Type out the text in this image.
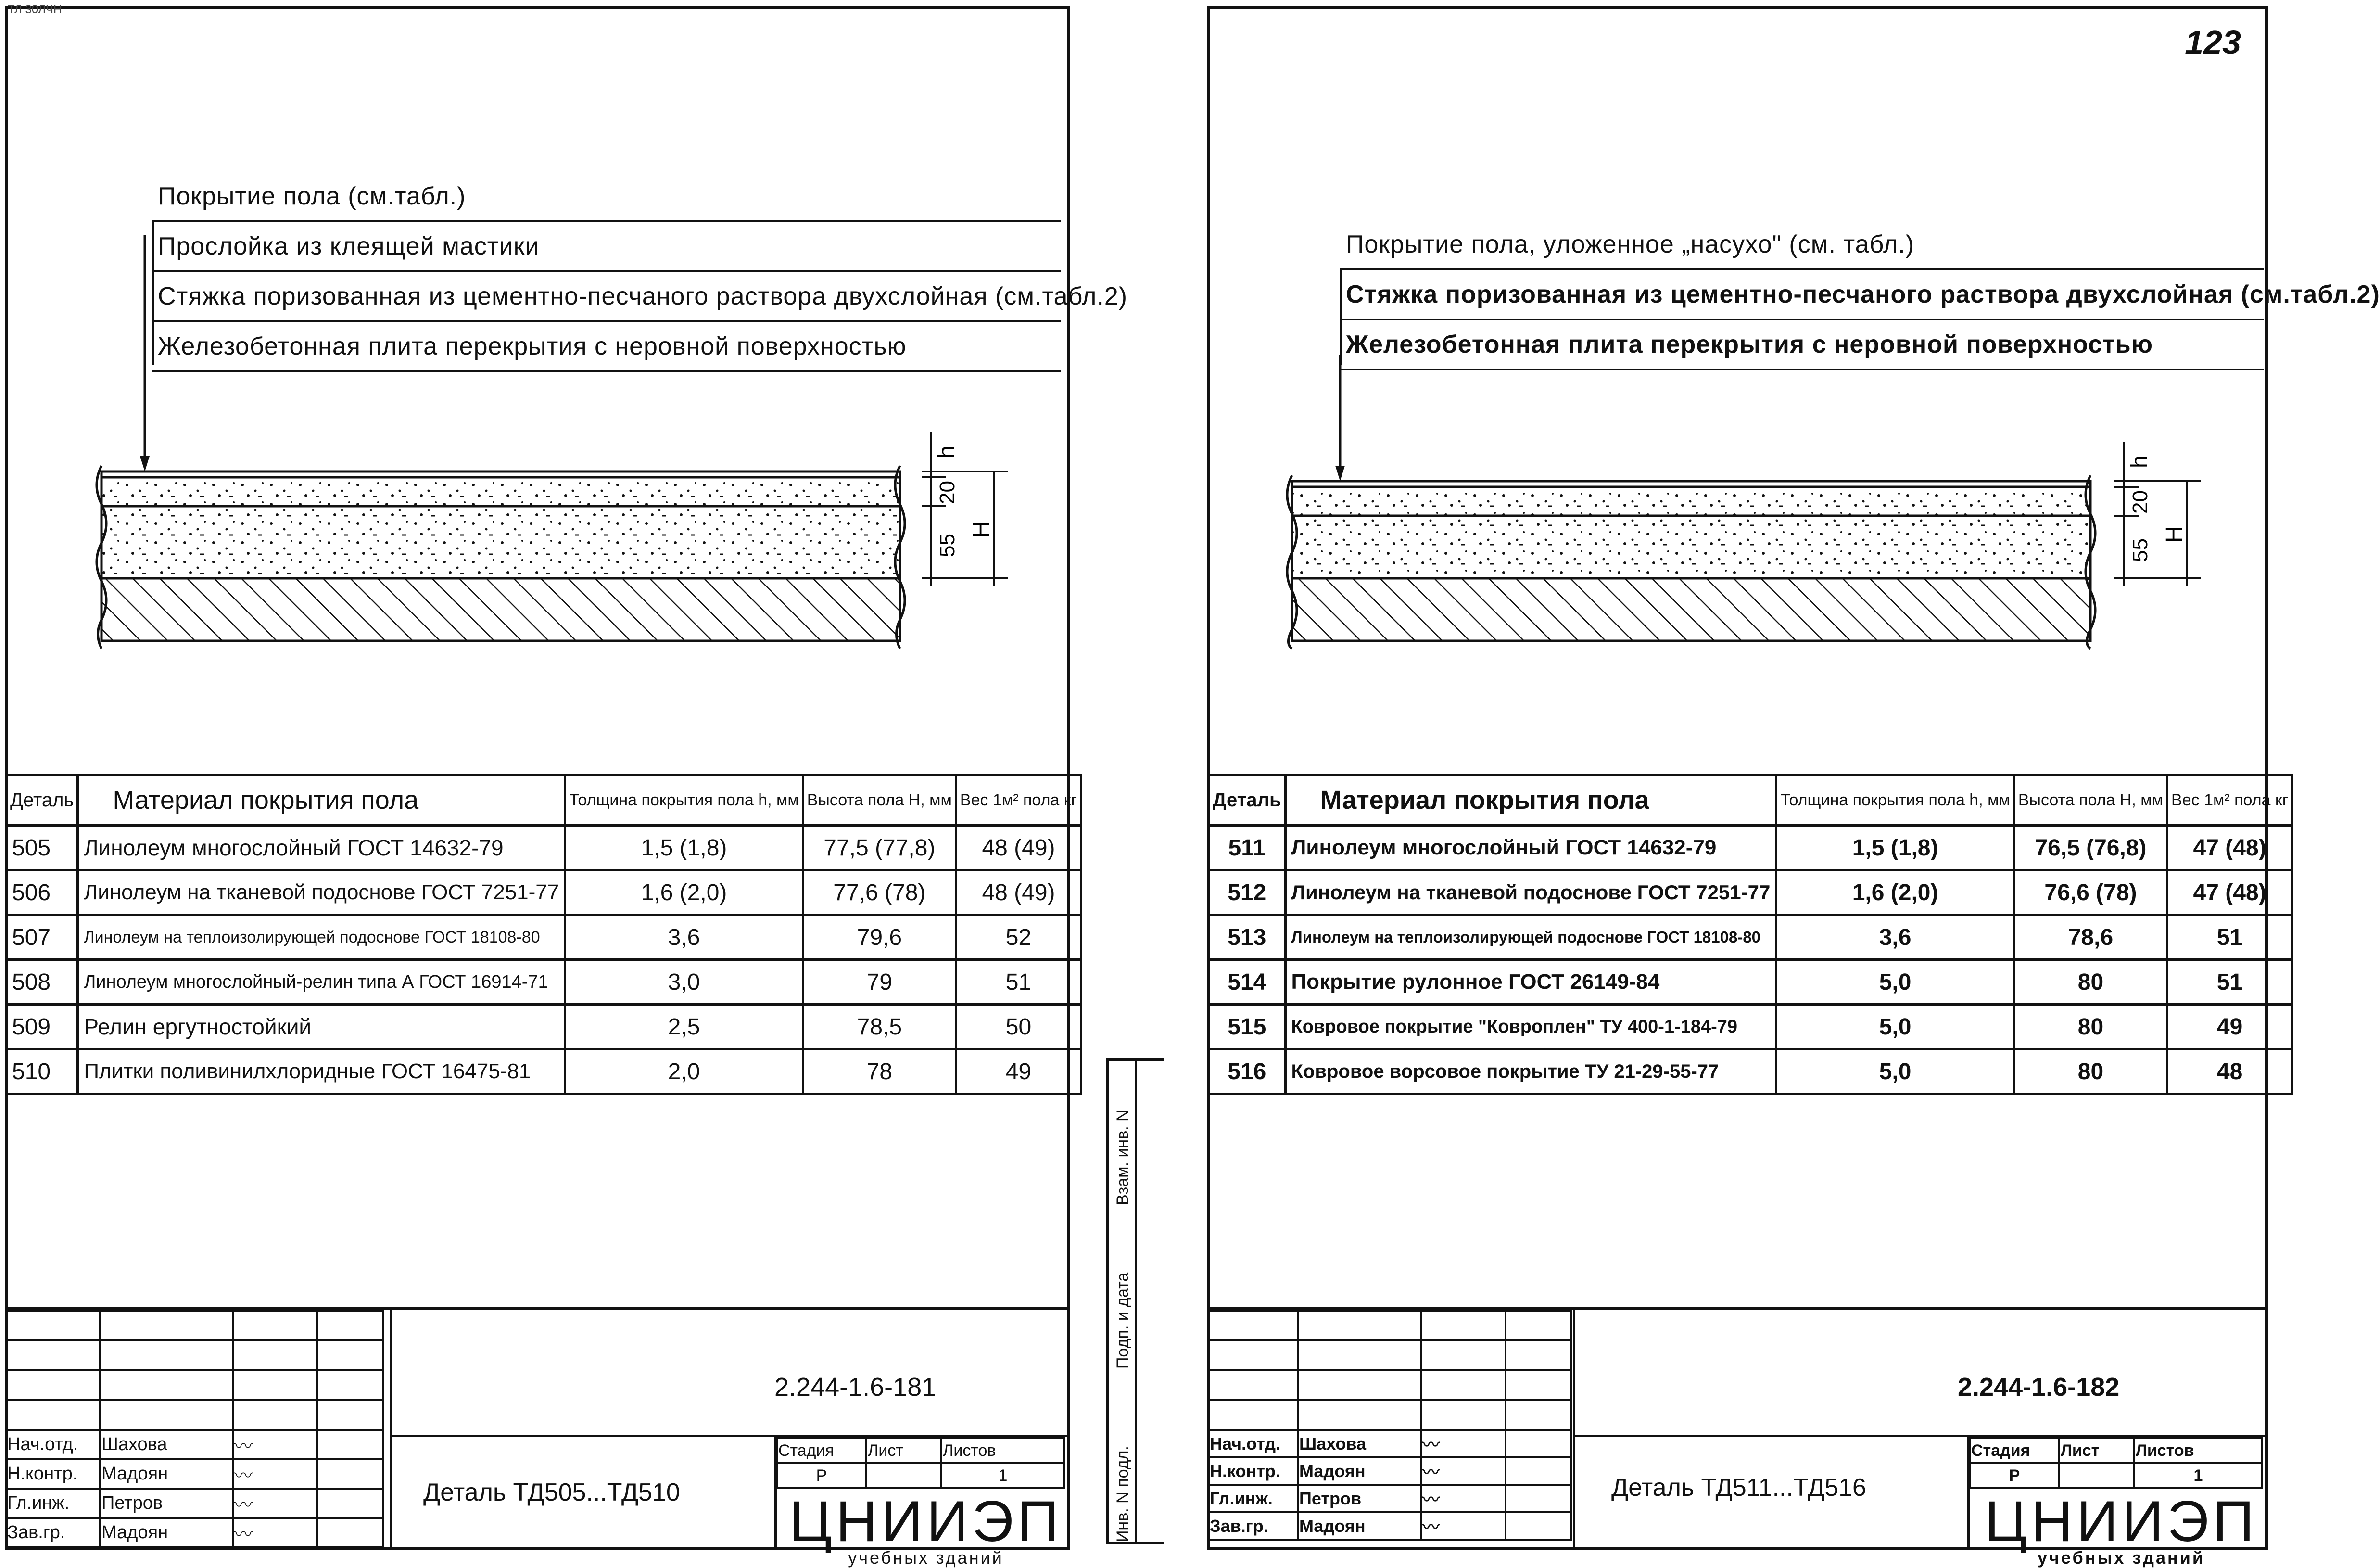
ТЛ 30ЛЧН
Покрытие пола (см.табл.)
Прослойка из клеящей мастики
Стяжка поризованная из цементно-песчаного раствора двухслойная (см.табл.2)
Железобетонная плита перекрытия с неровной поверхностью
h
20
55
H
Деталь	Материал покрытия пола	Толщина покрытия пола h, мм	Высота пола H, мм	Вес 1м² пола кг
505	Линолеум многослойный ГОСТ 14632-79	1,5 (1,8)	77,5 (77,8)	48 (49)
506	Линолеум на тканевой подоснове ГОСТ 7251-77	1,6 (2,0)	77,6 (78)	48 (49)
507	Линолеум на теплоизолирующей подоснове ГОСТ 18108-80	3,6	79,6	52
508	Линолеум многослойный-релин типа А ГОСТ 16914-71	3,0	79	51
509	Релин ергутностойкий	2,5	78,5	50
510	Плитки поливинилхлоридные ГОСТ 16475-81	2,0	78	49

Нач.отд.	Шахова	〰	
Н.контр.	Мадоян	〰	
Гл.инж.	Петров	〰	
Зав.гр.	Мадоян	〰	
2.244-1.6-181
Деталь ТД505...ТД510
Стадия	Лист	Листов
Р		1
ЦНИИЭП
учебных зданий
Взам. инв. N
Подп. и дата
Инв. N подл.
123
Покрытие пола, уложенное „насухо" (см. табл.)
Стяжка поризованная из цементно-песчаного раствора двухслойная (см.табл.2)
Железобетонная плита перекрытия с неровной поверхностью
h
20
55
H
Деталь	Материал покрытия пола	Толщина покрытия пола h, мм	Высота пола H, мм	Вес 1м² пола кг
511	Линолеум многослойный ГОСТ 14632-79	1,5 (1,8)	76,5 (76,8)	47 (48)
512	Линолеум на тканевой подоснове ГОСТ 7251-77	1,6 (2,0)	76,6 (78)	47 (48)
513	Линолеум на теплоизолирующей подоснове ГОСТ 18108-80	3,6	78,6	51
514	Покрытие рулонное ГОСТ 26149-84	5,0	80	51
515	Ковровое покрытие "Ковроплен" ТУ 400-1-184-79	5,0	80	49
516	Ковровое ворсовое покрытие ТУ 21-29-55-77	5,0	80	48

Нач.отд.	Шахова	〰	
Н.контр.	Мадоян	〰	
Гл.инж.	Петров	〰	
Зав.гр.	Мадоян	〰	
2.244-1.6-182
Деталь ТД511...ТД516
Стадия	Лист	Листов
Р		1
ЦНИИЭП
учебных зданий
